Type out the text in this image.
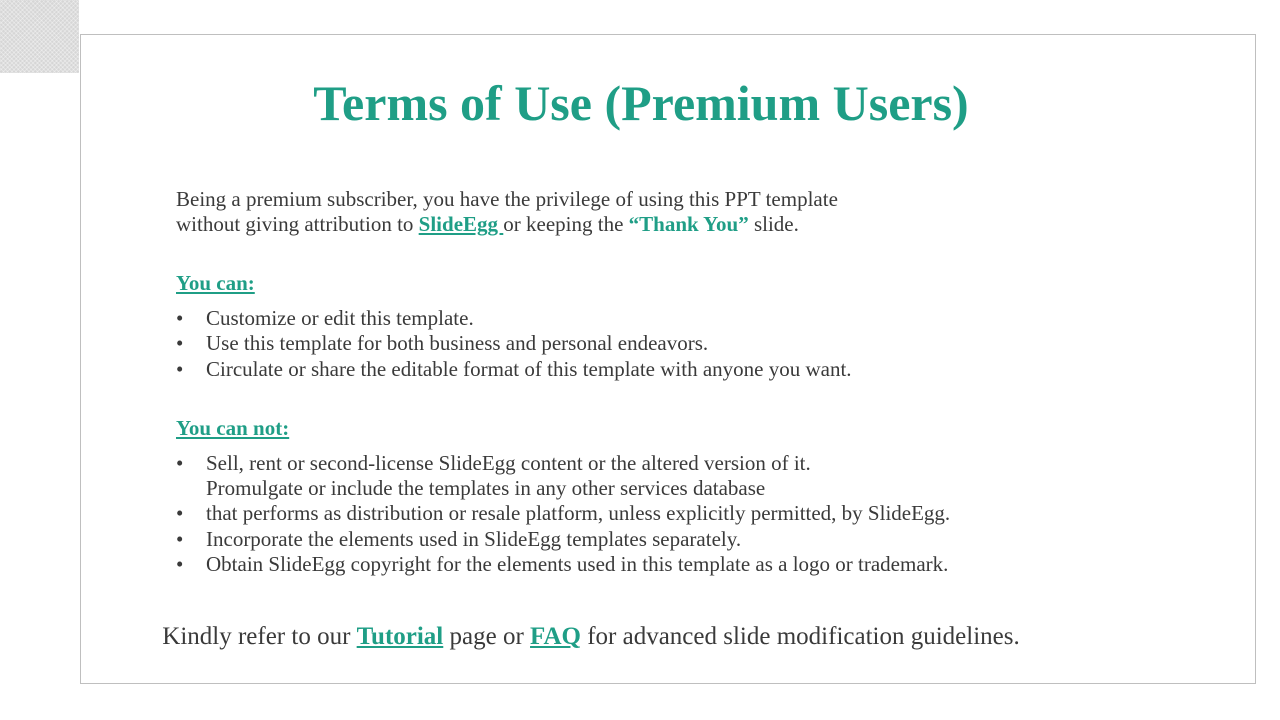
Terms of Use (Premium Users)

Being a premium subscriber, you have the privilege of using this PPT template

without giving attribution to SlideEgg or keeping the “Thank You” slide.

You can:

• Customize or edit this template.
• Use this template for both business and personal endeavors.
• Circulate or share the editable format of this template with anyone you want.

You can not:

• Sell, rent or second-license SlideEgg content or the altered version of it.
Promulgate or include the templates in any other services database
• that performs as distribution or resale platform, unless explicitly permitted, by SlideEgg.
• Incorporate the elements used in SlideEgg templates separately.
• Obtain SlideEgg copyright for the elements used in this template as a logo or trademark.

Kindly refer to our Tutorial page or FAQ for advanced slide modification guidelines.
